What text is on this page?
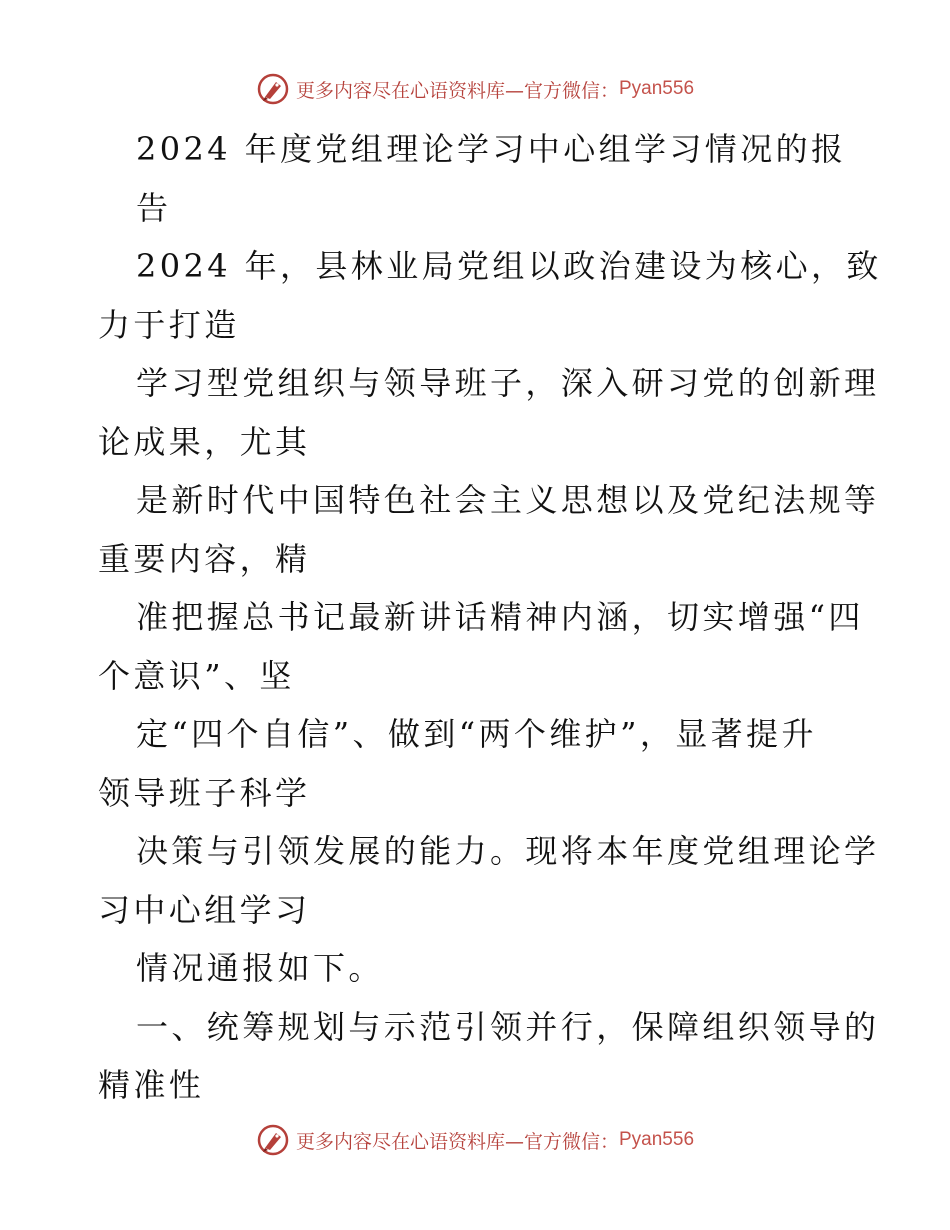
更多内容尽在心语资料库—官方微信： Pyan556
2024 年度党组理论学习中心组学习情况的报
告
2024 年，县林业局党组以政治建设为核心，致
力于打造
学习型党组织与领导班子，深入研习党的创新理
论成果，尤其
是新时代中国特色社会主义思想以及党纪法规等
重要内容，精
准把握总书记最新讲话精神内涵，切实增强“四
个意识”、坚
定“四个自信”、做到“两个维护”，显著提升
领导班子科学
决策与引领发展的能力。现将本年度党组理论学
习中心组学习
情况通报如下。
一、统筹规划与示范引领并行，保障组织领导的
精准性
更多内容尽在心语资料库—官方微信： Pyan556
